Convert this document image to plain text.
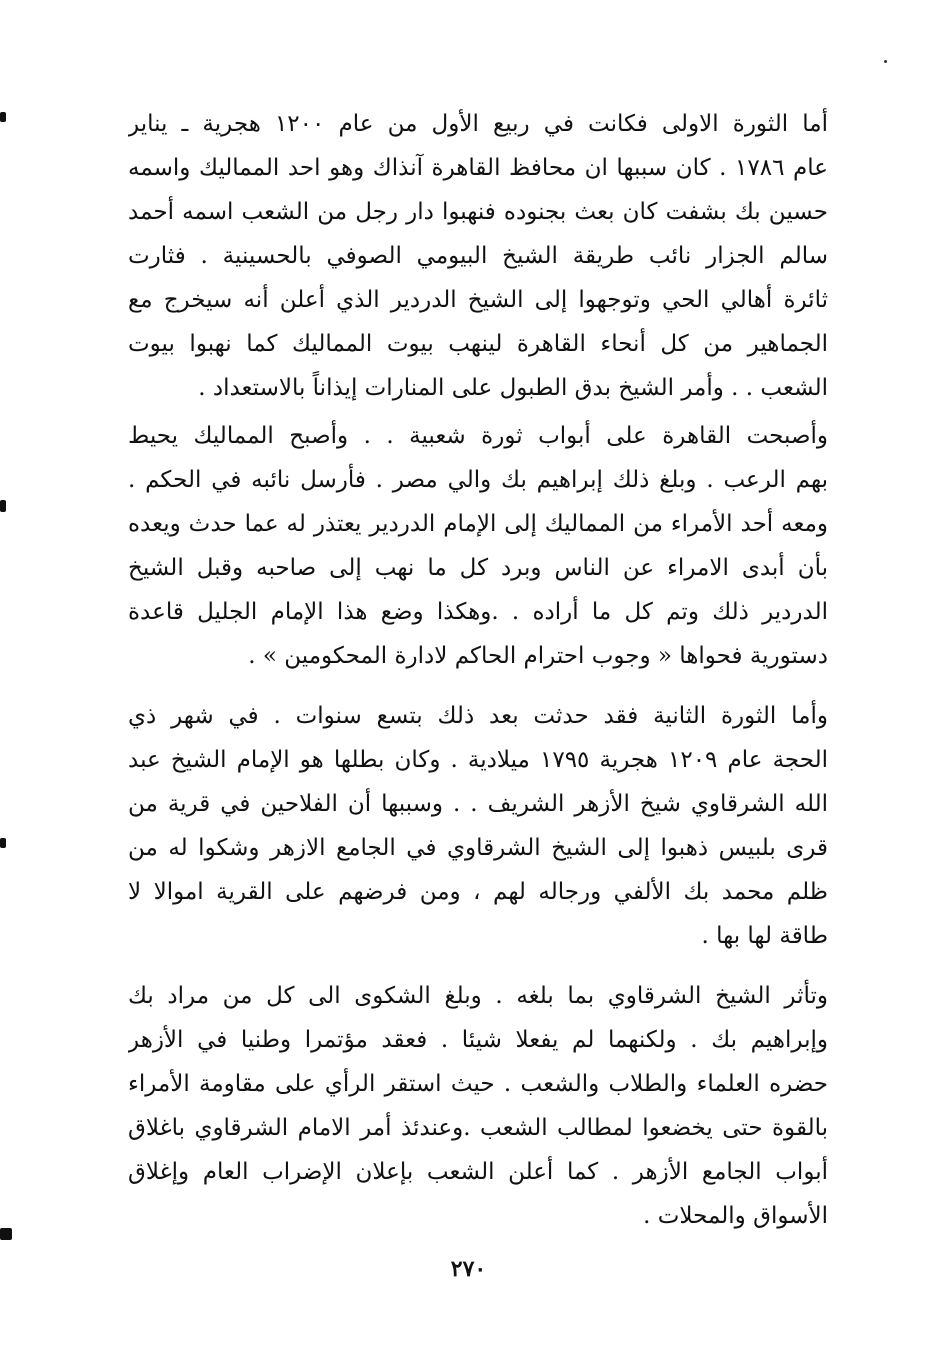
أما الثورة الاولى فكانت في ربيع الأول من عام ١٢٠٠ هجرية ـ يناير
عام ١٧٨٦ . كان سببها ان محافظ القاهرة آنذاك وهو احد المماليك واسمه
حسين بك بشفت كان بعث بجنوده فنهبوا دار رجل من الشعب اسمه أحمد
سالم الجزار نائب طريقة الشيخ البيومي الصوفي بالحسينية . فثارت
ثائرة أهالي الحي وتوجهوا إلى الشيخ الدردير الذي أعلن أنه سيخرج مع
الجماهير من كل أنحاء القاهرة لينهب بيوت المماليك كما نهبوا بيوت
الشعب . . وأمر الشيخ بدق الطبول على المنارات إيذاناً بالاستعداد .
وأصبحت القاهرة على أبواب ثورة شعبية . . وأصبح المماليك يحيط
بهم الرعب . وبلغ ذلك إبراهيم بك والي مصر . فأرسل نائبه في الحكم .
ومعه أحد الأمراء من المماليك إلى الإمام الدردير يعتذر له عما حدث ويعده
بأن أبدى الامراء عن الناس وبرد كل ما نهب إلى صاحبه وقبل الشيخ
الدردير ذلك وتم كل ما أراده . .وهكذا وضع هذا الإمام الجليل قاعدة
دستورية فحواها « وجوب احترام الحاكم لادارة المحكومين » .
وأما الثورة الثانية فقد حدثت بعد ذلك بتسع سنوات . في شهر ذي
الحجة عام ١٢٠٩ هجرية ١٧٩٥ ميلادية . وكان بطلها هو الإمام الشيخ عبد
الله الشرقاوي شيخ الأزهر الشريف . . وسببها أن الفلاحين في قرية من
قرى بلبيس ذهبوا إلى الشيخ الشرقاوي في الجامع الازهر وشكوا له من
ظلم محمد بك الألفي ورجاله لهم ، ومن فرضهم على القرية اموالا لا
طاقة لها بها .
وتأثر الشيخ الشرقاوي بما بلغه . وبلغ الشكوى الى كل من مراد بك
وإبراهيم بك . ولكنهما لم يفعلا شيئا . فعقد مؤتمرا وطنيا في الأزهر
حضره العلماء والطلاب والشعب . حيث استقر الرأي على مقاومة الأمراء
بالقوة حتى يخضعوا لمطالب الشعب .وعندئذ أمر الامام الشرقاوي باغلاق
أبواب الجامع الأزهر . كما أعلن الشعب بإعلان الإضراب العام وإغلاق
الأسواق والمحلات .
٢٧٠
